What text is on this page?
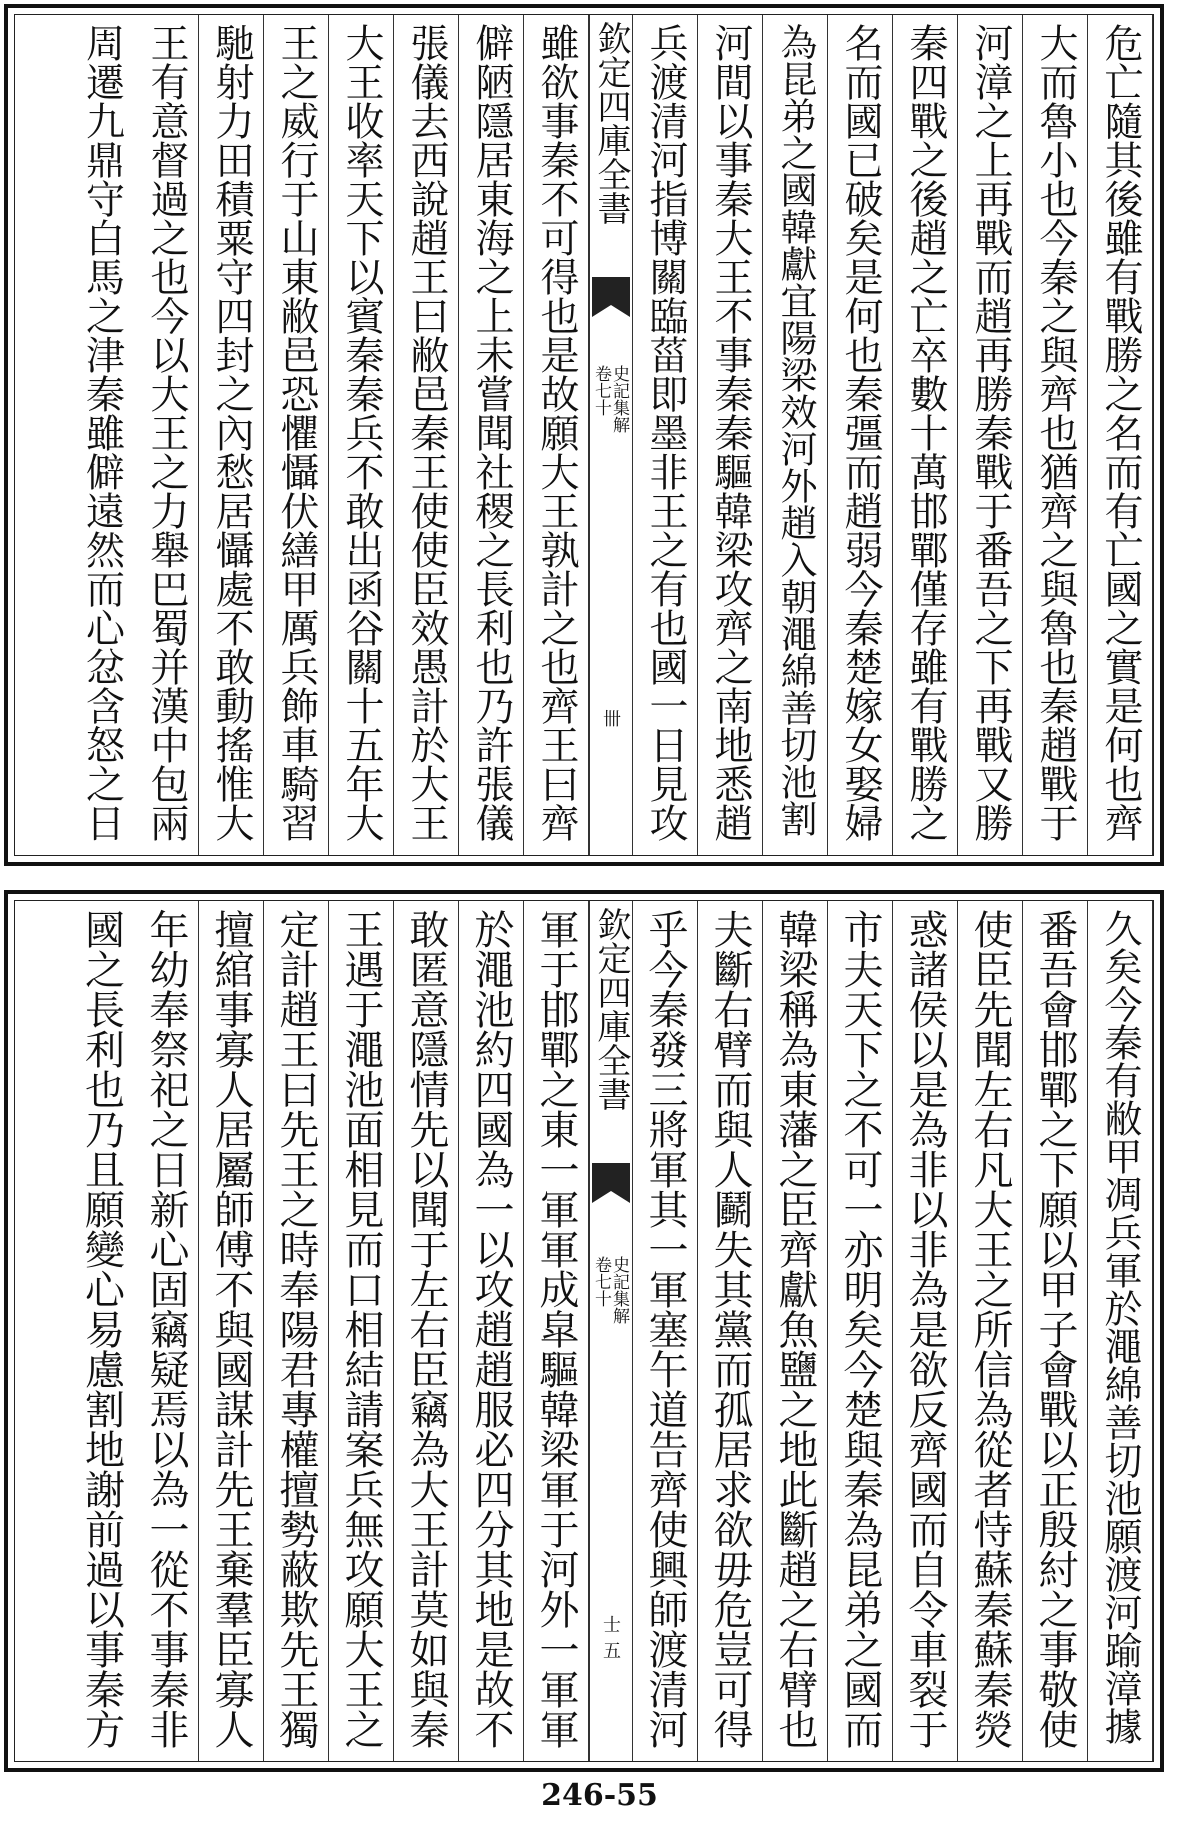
危亡隨其後雖有戰勝之名而有亡國之實是何也齊
大而魯小也今秦之與齊也猶齊之與魯也秦趙戰于
河漳之上再戰而趙再勝秦戰于番吾之下再戰又勝
秦四戰之後趙之亡卒數十萬邯鄲僅存雖有戰勝之
名而國已破矣是何也秦彊而趙弱今秦楚嫁女娶婦
為昆弟之國韓獻宜陽梁效河外趙入朝澠綿善切池割
河間以事秦大王不事秦秦驅韓梁攻齊之南地悉趙
兵渡清河指博關臨菑即墨非王之有也國一日見攻
欽定四庫全書
史記集解
卷七十
卌
雖欲事秦不可得也是故願大王孰計之也齊王曰齊
僻陋隱居東海之上未嘗聞社稷之長利也乃許張儀
張儀去西說趙王曰敝邑秦王使使臣效愚計於大王
大王收率天下以賓秦秦兵不敢出函谷關十五年大
王之威行于山東敝邑恐懼懾伏繕甲厲兵飾車騎習
馳射力田積粟守四封之內愁居懾處不敢動搖惟大
王有意督過之也今以大王之力舉巴蜀并漢中包兩
周遷九鼎守白馬之津秦雖僻遠然而心忿含怒之日
久矣今秦有敝甲凋兵軍於澠綿善切池願渡河踰漳據
番吾會邯鄲之下願以甲子會戰以正殷紂之事敬使
使臣先聞左右凡大王之所信為從者恃蘇秦蘇秦熒
惑諸侯以是為非以非為是欲反齊國而自令車裂于
市夫天下之不可一亦明矣今楚與秦為昆弟之國而
韓梁稱為東藩之臣齊獻魚鹽之地此斷趙之右臂也
夫斷右臂而與人鬬失其黨而孤居求欲毋危豈可得
乎今秦發三將軍其一軍塞午道告齊使興師渡清河
欽定四庫全書
史記集解
卷七十
士五
軍于邯鄲之東一軍軍成皐驅韓梁軍于河外一軍軍
於澠池約四國為一以攻趙趙服必四分其地是故不
敢匿意隱情先以聞于左右臣竊為大王計莫如與秦
王遇于澠池面相見而口相結請案兵無攻願大王之
定計趙王曰先王之時奉陽君專權擅勢蔽欺先王獨
擅綰事寡人居屬師傅不與國謀計先王棄羣臣寡人
年幼奉祭祀之日新心固竊疑焉以為一從不事秦非
國之長利也乃且願變心易慮割地謝前過以事秦方
246-55
